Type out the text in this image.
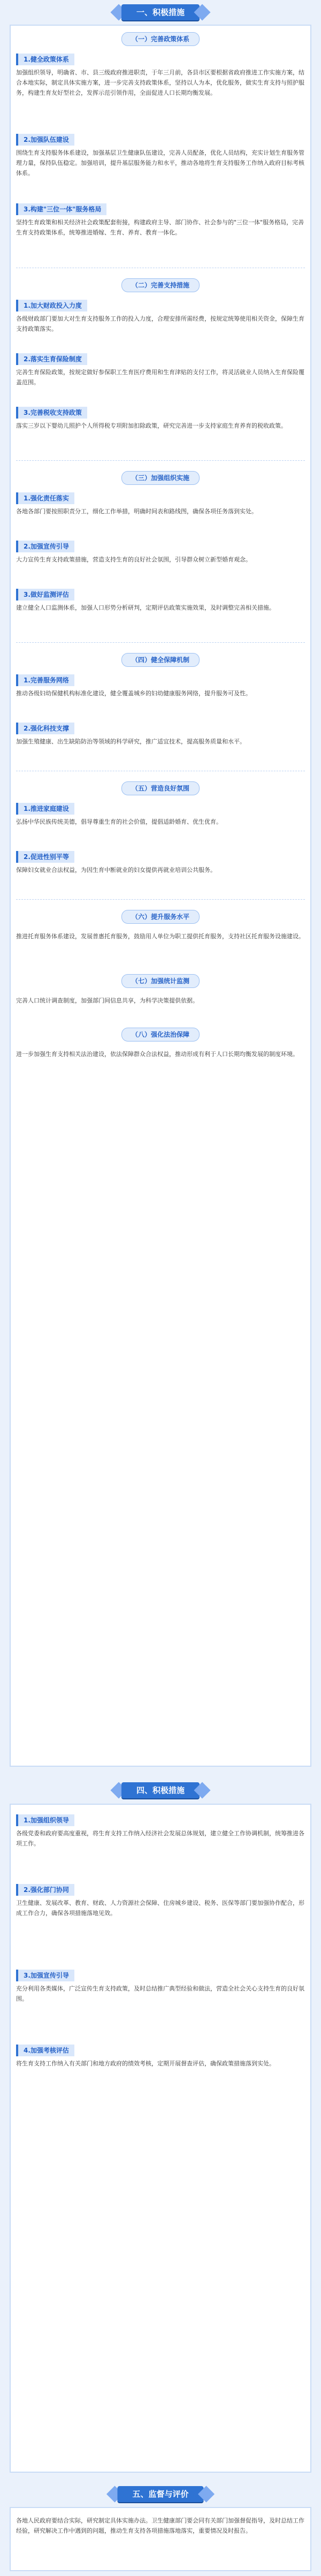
一、积极措施
（一）完善政策体系
1.健全政策体系
加强组织领导，明确省、市、县三级政府推进职责，于年三月前，各县市区要根据省政府推进工作实施方案，结合本地实际，制定具体实施方案，进一步完善支持政策体系，坚持以人为本，优化服务，做实生育支持与照护服务，构建生育友好型社会，发挥示范引领作用，全面促进人口长期均衡发展。
2.加强队伍建设
围绕生育支持服务体系建设，加强基层卫生健康队伍建设，完善人员配备，优化人员结构，充实计划生育服务管理力量，保持队伍稳定。加强培训，提升基层服务能力和水平，推动各地将生育支持服务工作纳入政府目标考核体系。
3.构建"三位一体"服务格局
坚持生育政策和相关经济社会政策配套衔接，构建政府主导、部门协作、社会参与的"三位一体"服务格局，完善生育支持政策体系，统筹推进婚嫁、生育、养育、教育一体化。
（二）完善支持措施
1.加大财政投入力度
各级财政部门要加大对生育支持服务工作的投入力度，合理安排所需经费，按规定统筹使用相关资金，保障生育支持政策落实。
2.落实生育保险制度
完善生育保险政策，按规定做好参保职工生育医疗费用和生育津贴的支付工作，将灵活就业人员纳入生育保险覆盖范围。
3.完善税收支持政策
落实三岁以下婴幼儿照护个人所得税专项附加扣除政策，研究完善进一步支持家庭生育养育的税收政策。
（三）加强组织实施
1.强化责任落实
各地各部门要按照职责分工，细化工作举措，明确时间表和路线图，确保各项任务落到实处。
2.加强宣传引导
大力宣传生育支持政策措施，营造支持生育的良好社会氛围，引导群众树立新型婚育观念。
3.做好监测评估
建立健全人口监测体系，加强人口形势分析研判，定期评估政策实施效果，及时调整完善相关措施。
（四）健全保障机制
1.完善服务网络
推动各级妇幼保健机构标准化建设，健全覆盖城乡的妇幼健康服务网络，提升服务可及性。
2.强化科技支撑
加强生殖健康、出生缺陷防治等领域的科学研究，推广适宜技术，提高服务质量和水平。
（五）营造良好氛围
1.推进家庭建设
弘扬中华民族传统美德，倡导尊重生育的社会价值，提倡适龄婚育、优生优育。
2.促进性别平等
保障妇女就业合法权益，为因生育中断就业的妇女提供再就业培训公共服务。
（六）提升服务水平
推进托育服务体系建设，发展普惠托育服务，鼓励用人单位为职工提供托育服务，支持社区托育服务设施建设。
（七）加强统计监测
完善人口统计调查制度，加强部门间信息共享，为科学决策提供依据。
（八）强化法治保障
进一步加强生育支持相关法治建设，依法保障群众合法权益，推动形成有利于人口长期均衡发展的制度环境。
四、积极措施
1.加强组织领导
各级党委和政府要高度重视，将生育支持工作纳入经济社会发展总体规划，建立健全工作协调机制，统筹推进各项工作。
2.强化部门协同
卫生健康、发展改革、教育、财政、人力资源社会保障、住房城乡建设、税务、医保等部门要加强协作配合，形成工作合力，确保各项措施落地见效。
3.加强宣传引导
充分利用各类媒体，广泛宣传生育支持政策，及时总结推广典型经验和做法，营造全社会关心支持生育的良好氛围。
4.加强考核评估
将生育支持工作纳入有关部门和地方政府的绩效考核，定期开展督查评估，确保政策措施落到实处。
五、监督与评价
各地人民政府要结合实际，研究制定具体实施办法。卫生健康部门要会同有关部门加强督促指导，及时总结工作经验，研究解决工作中遇到的问题，推动生育支持各项措施落地落实，重要情况及时报告。
